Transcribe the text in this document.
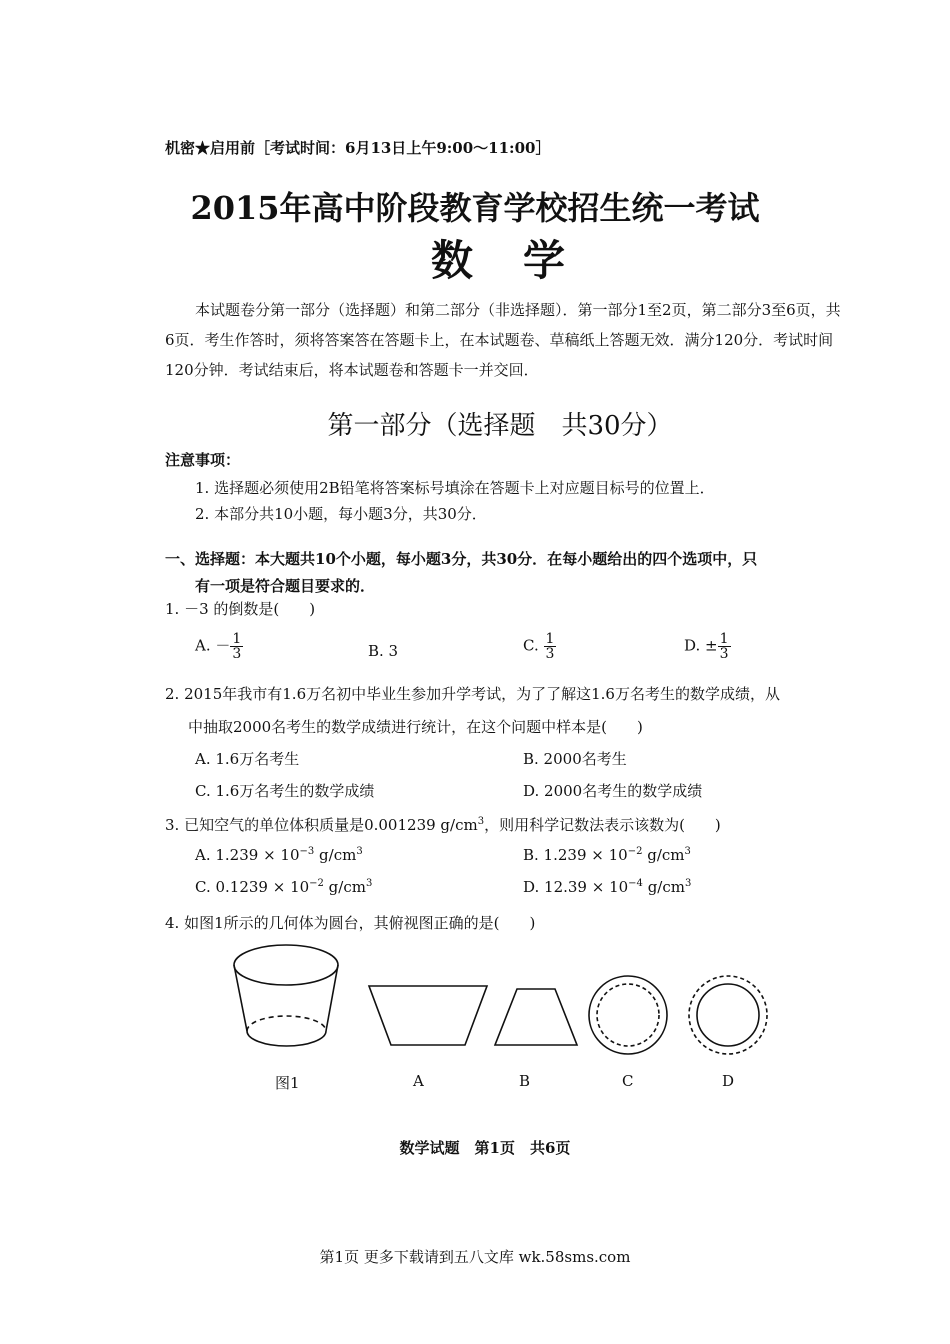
机密★启用前［考试时间：6月13日上午9:00～11:00］
2015年高中阶段教育学校招生统一考试
数　学
本试题卷分第一部分（选择题）和第二部分（非选择题）．第一部分1至2页，第二部分3至6页，共6页．考生作答时，须将答案答在答题卡上，在本试题卷、草稿纸上答题无效．满分120分．考试时间120分钟．考试结束后，将本试题卷和答题卡一并交回．
第一部分（选择题　共30分）
注意事项：
1. 选择题必须使用2B铅笔将答案标号填涂在答题卡上对应题目标号的位置上．
2. 本部分共10小题，每小题3分，共30分．
一、选择题：本大题共10个小题，每小题3分，共30分．在每小题给出的四个选项中，只
有一项是符合题目要求的．
1. －3 的倒数是(　　)
A. － $\frac{1}{3}$	B. 3	C. $\frac{1}{3}$	D. ± $\frac{1}{3}$
2. 2015年我市有1.6万名初中毕业生参加升学考试，为了了解这1.6万名考生的数学成绩，从
中抽取2000名考生的数学成绩进行统计，在这个问题中样本是(　　)
A. 1.6万名考生	B. 2000名考生
C. 1.6万名考生的数学成绩	D. 2000名考生的数学成绩
3. 已知空气的单位体积质量是0.001239 $g/cm^3$，则用科学记数法表示该数为(　　)
A. $1.239 \times 10^{-3}$ $g/cm^3$	B. $1.239 \times 10^{-2}$ $g/cm^3$
C. $0.1239 \times 10^{-2}$ $g/cm^3$	D. $12.39 \times 10^{-4}$ $g/cm^3$
4. 如图1所示的几何体为圆台，其俯视图正确的是(　　)
图1	A	B	C	D
数学试题　第1页　共6页
第1页 更多下载请到五八文库 wk.58sms.com
